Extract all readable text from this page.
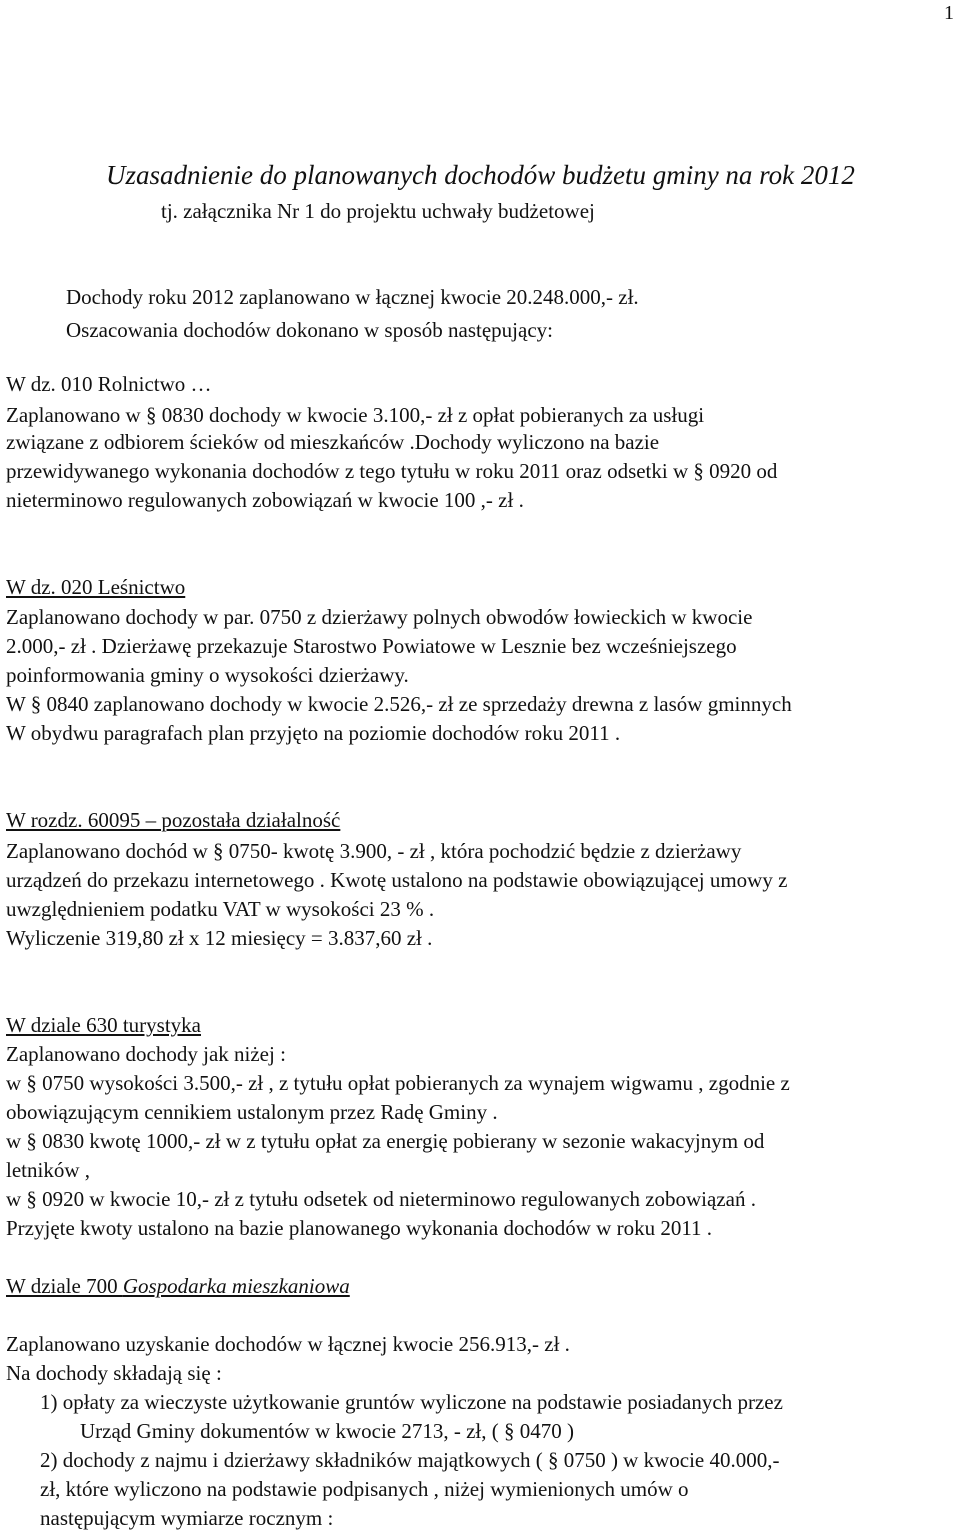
1
Uzasadnienie do planowanych dochodów budżetu gminy na rok 2012
tj. załącznika Nr 1 do projektu uchwały budżetowej
Dochody roku 2012 zaplanowano w łącznej kwocie 20.248.000,- zł.
Oszacowania dochodów dokonano w sposób następujący:
W dz. 010 Rolnictwo …
Zaplanowano w § 0830 dochody w kwocie 3.100,- zł z opłat pobieranych za usługi
związane z odbiorem ścieków od mieszkańców .Dochody wyliczono na bazie
przewidywanego wykonania dochodów z tego tytułu w roku 2011 oraz odsetki w § 0920 od
nieterminowo regulowanych zobowiązań w kwocie 100 ,- zł .
W dz. 020 Leśnictwo
Zaplanowano dochody w par. 0750 z dzierżawy polnych obwodów łowieckich w kwocie
2.000,- zł . Dzierżawę przekazuje Starostwo Powiatowe w Lesznie bez wcześniejszego
poinformowania gminy o wysokości dzierżawy.
W § 0840 zaplanowano dochody w kwocie 2.526,- zł ze sprzedaży drewna z lasów gminnych
W obydwu paragrafach plan przyjęto na poziomie dochodów roku 2011 .
W rozdz. 60095 – pozostała działalność
Zaplanowano dochód w § 0750- kwotę 3.900, - zł , która pochodzić będzie z dzierżawy
urządzeń do przekazu internetowego . Kwotę ustalono na podstawie obowiązującej umowy z
uwzględnieniem podatku VAT w wysokości 23 % .
Wyliczenie 319,80 zł x 12 miesięcy = 3.837,60 zł .
W dziale 630 turystyka
Zaplanowano dochody jak niżej :
w § 0750 wysokości 3.500,- zł , z tytułu opłat pobieranych za wynajem wigwamu , zgodnie z
obowiązującym cennikiem ustalonym przez Radę Gminy .
w § 0830 kwotę 1000,- zł w z tytułu opłat za energię pobierany w sezonie wakacyjnym od
letników ,
w § 0920 w kwocie 10,- zł z tytułu odsetek od nieterminowo regulowanych zobowiązań .
Przyjęte kwoty ustalono na bazie planowanego wykonania dochodów w roku 2011 .
W dziale 700 Gospodarka mieszkaniowa
Zaplanowano uzyskanie dochodów w łącznej kwocie 256.913,- zł .
Na dochody składają się :
1) opłaty za wieczyste użytkowanie gruntów wyliczone na podstawie posiadanych przez
Urząd Gminy dokumentów w kwocie 2713, - zł, ( § 0470 )
2) dochody z najmu i dzierżawy składników majątkowych ( § 0750 ) w kwocie 40.000,-
zł, które wyliczono na podstawie podpisanych , niżej wymienionych umów o
następującym wymiarze rocznym :
